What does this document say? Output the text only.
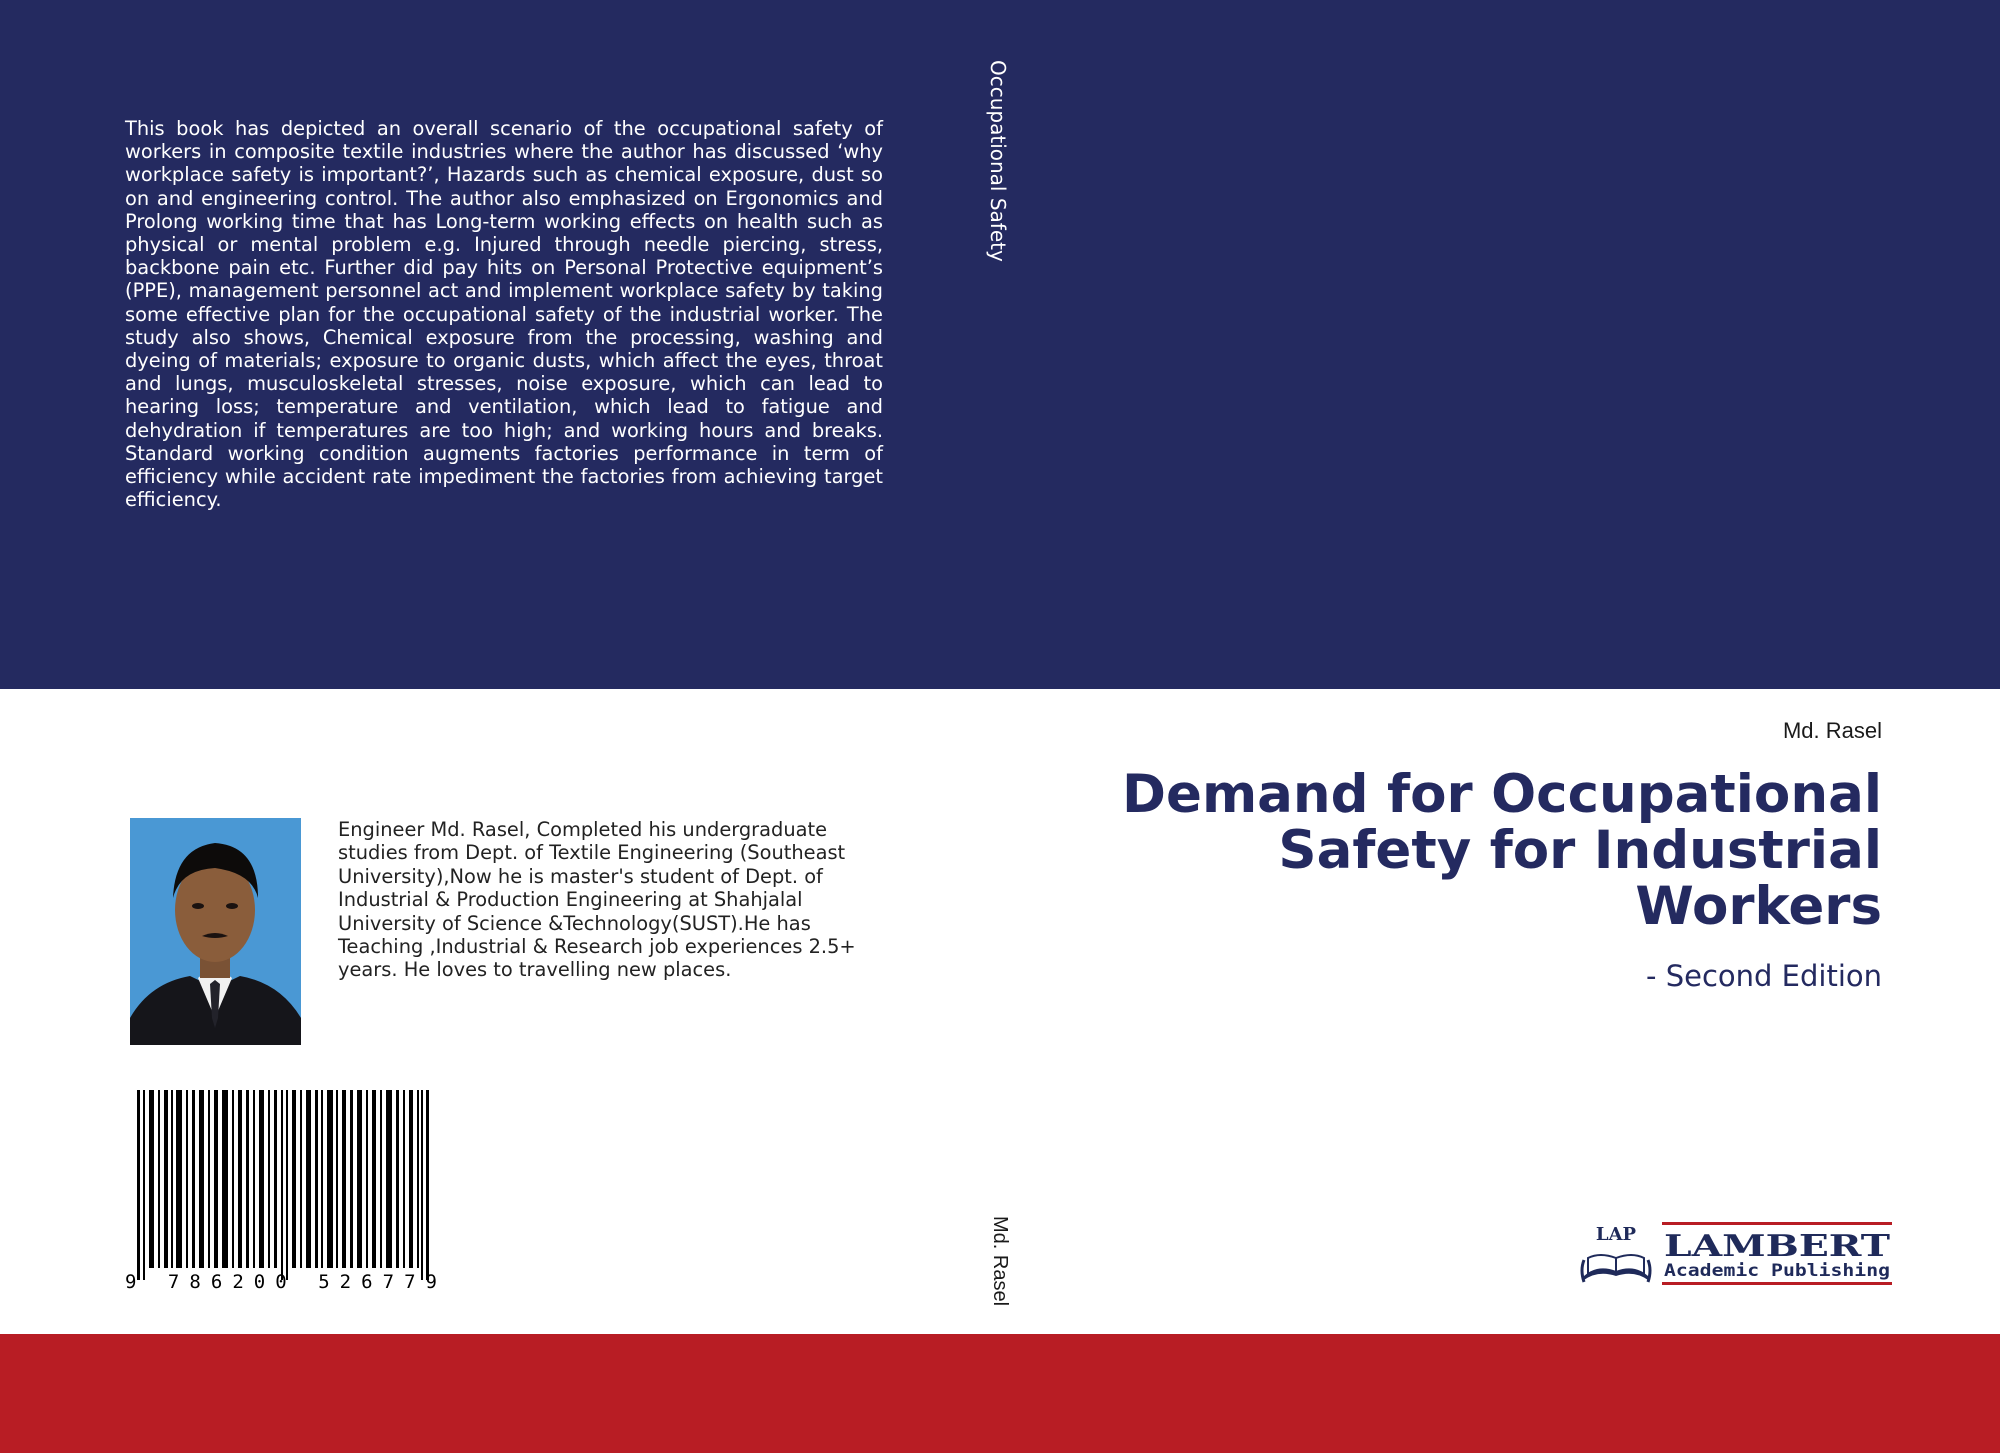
This book has depicted an overall scenario of the occupational safety of workers in composite textile industries where the author has discussed ‘why workplace safety is important?’, Hazards such as chemical exposure, dust so on and engineering control. The author also emphasized on Ergonomics and Prolong working time that has Long-term working effects on health such as physical or mental problem e.g. Injured through needle piercing, stress, backbone pain etc. Further did pay hits on Personal Protective equipment’s (PPE), management personnel act and implement workplace safety by taking some effective plan for the occupational safety of the industrial worker. The study also shows, Chemical exposure from the processing, washing and dyeing of materials; exposure to organic dusts, which affect the eyes, throat and lungs, musculoskeletal stresses, noise exposure, which can lead to hearing loss; temperature and ventilation, which lead to fatigue and dehydration if temperatures are too high; and working hours and breaks. Standard working condition augments factories performance in term of efficiency while accident rate impediment the factories from achieving target efficiency.

Occupational Safety
Md. Rasel
Md. Rasel
Demand for Occupational Safety for Industrial Workers
- Second Edition

Engineer Md. Rasel, Completed his undergraduate studies from Dept. of Textile Engineering (Southeast University),Now he is master's student of Dept. of Industrial & Production Engineering at Shahjalal University of Science &Technology(SUST).He has Teaching ,Industrial & Research job experiences 2.5+ years. He loves to travelling new places.

9 786200 526779
LAP LAMBERT
Academic Publishing
